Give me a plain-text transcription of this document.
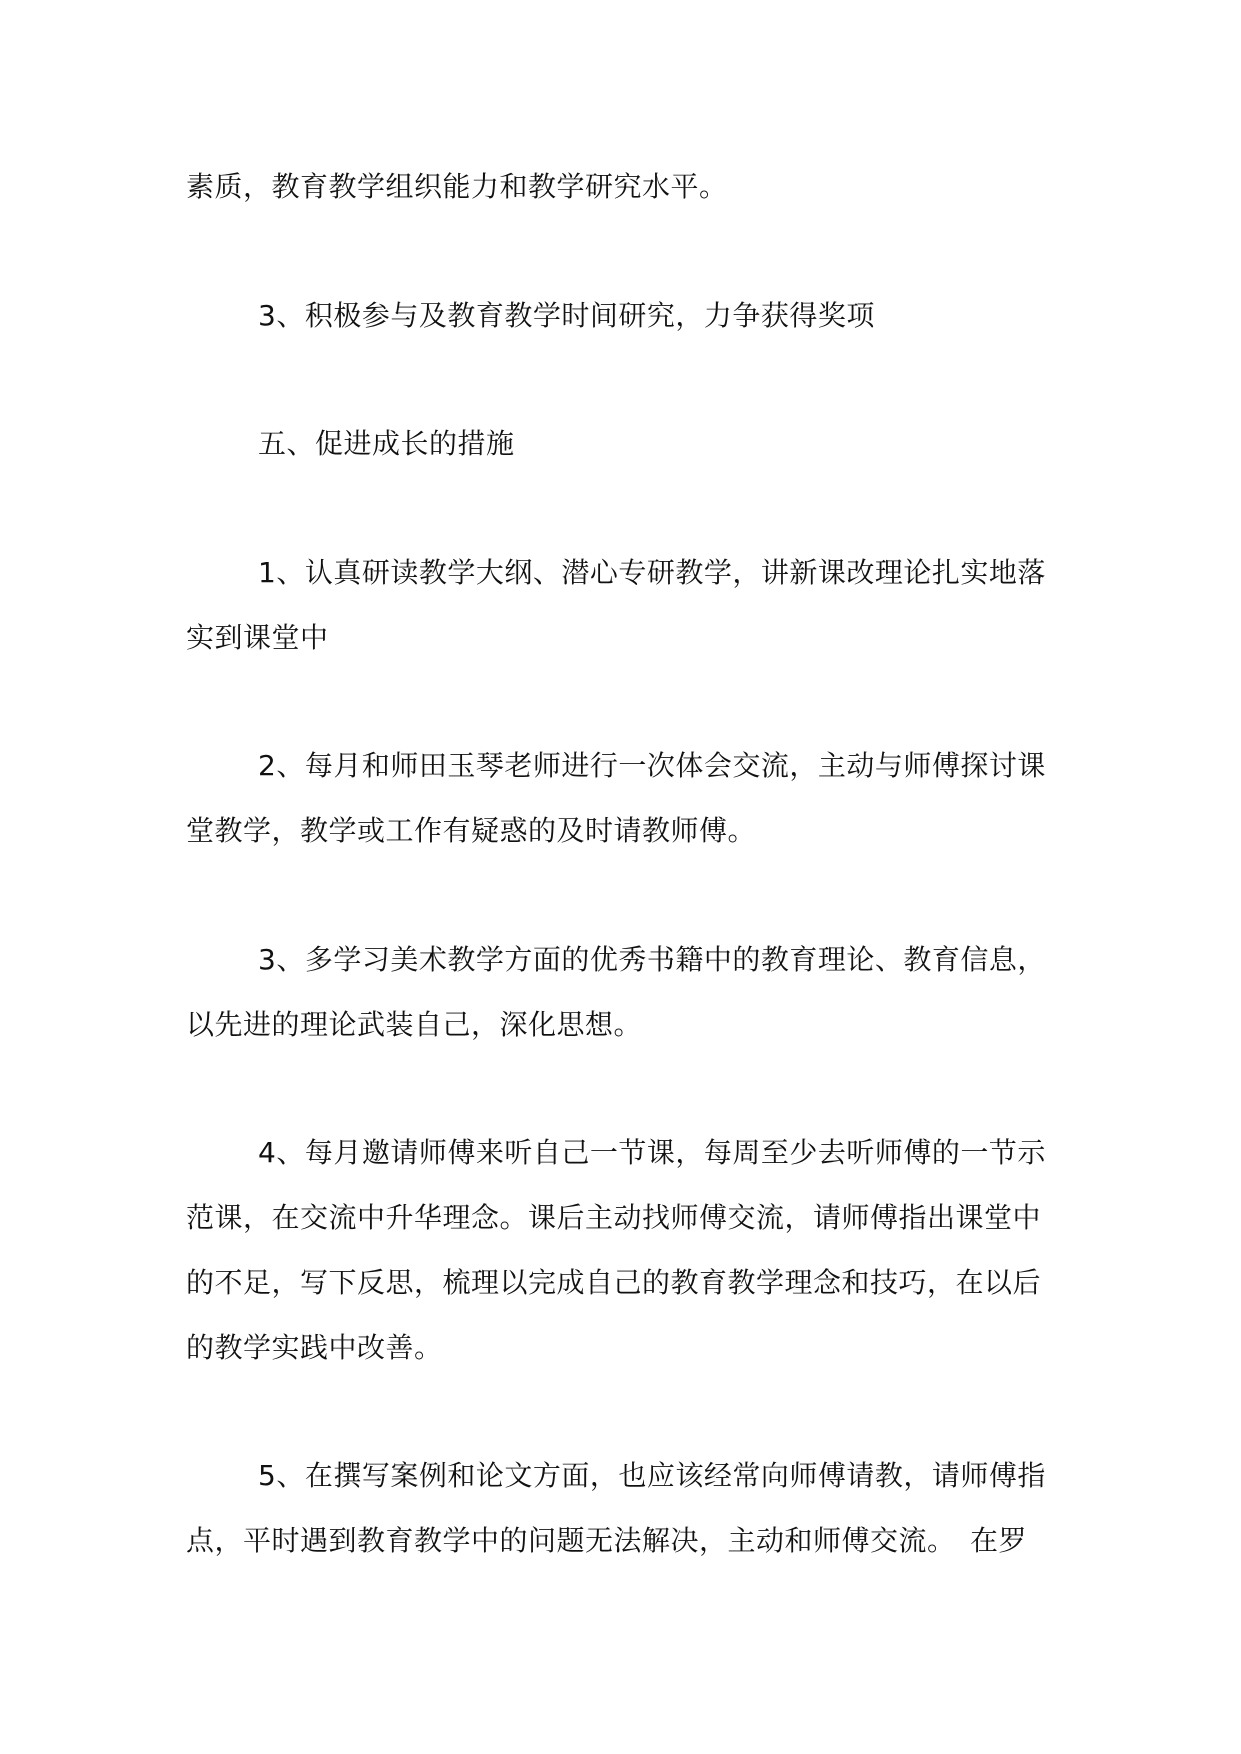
素质，教育教学组织能力和教学研究水平。
3、积极参与及教育教学时间研究，力争获得奖项
五、促进成长的措施
1、认真研读教学大纲、潜心专研教学，讲新课改理论扎实地落
实到课堂中
2、每月和师田玉琴老师进行一次体会交流，主动与师傅探讨课
堂教学，教学或工作有疑惑的及时请教师傅。
3、多学习美术教学方面的优秀书籍中的教育理论、教育信息，
以先进的理论武装自己，深化思想。
4、每月邀请师傅来听自己一节课，每周至少去听师傅的一节示
范课，在交流中升华理念。课后主动找师傅交流，请师傅指出课堂中
的不足，写下反思，梳理以完成自己的教育教学理念和技巧，在以后
的教学实践中改善。
5、在撰写案例和论文方面，也应该经常向师傅请教，请师傅指
点，平时遇到教育教学中的问题无法解决，主动和师傅交流。　在罗
